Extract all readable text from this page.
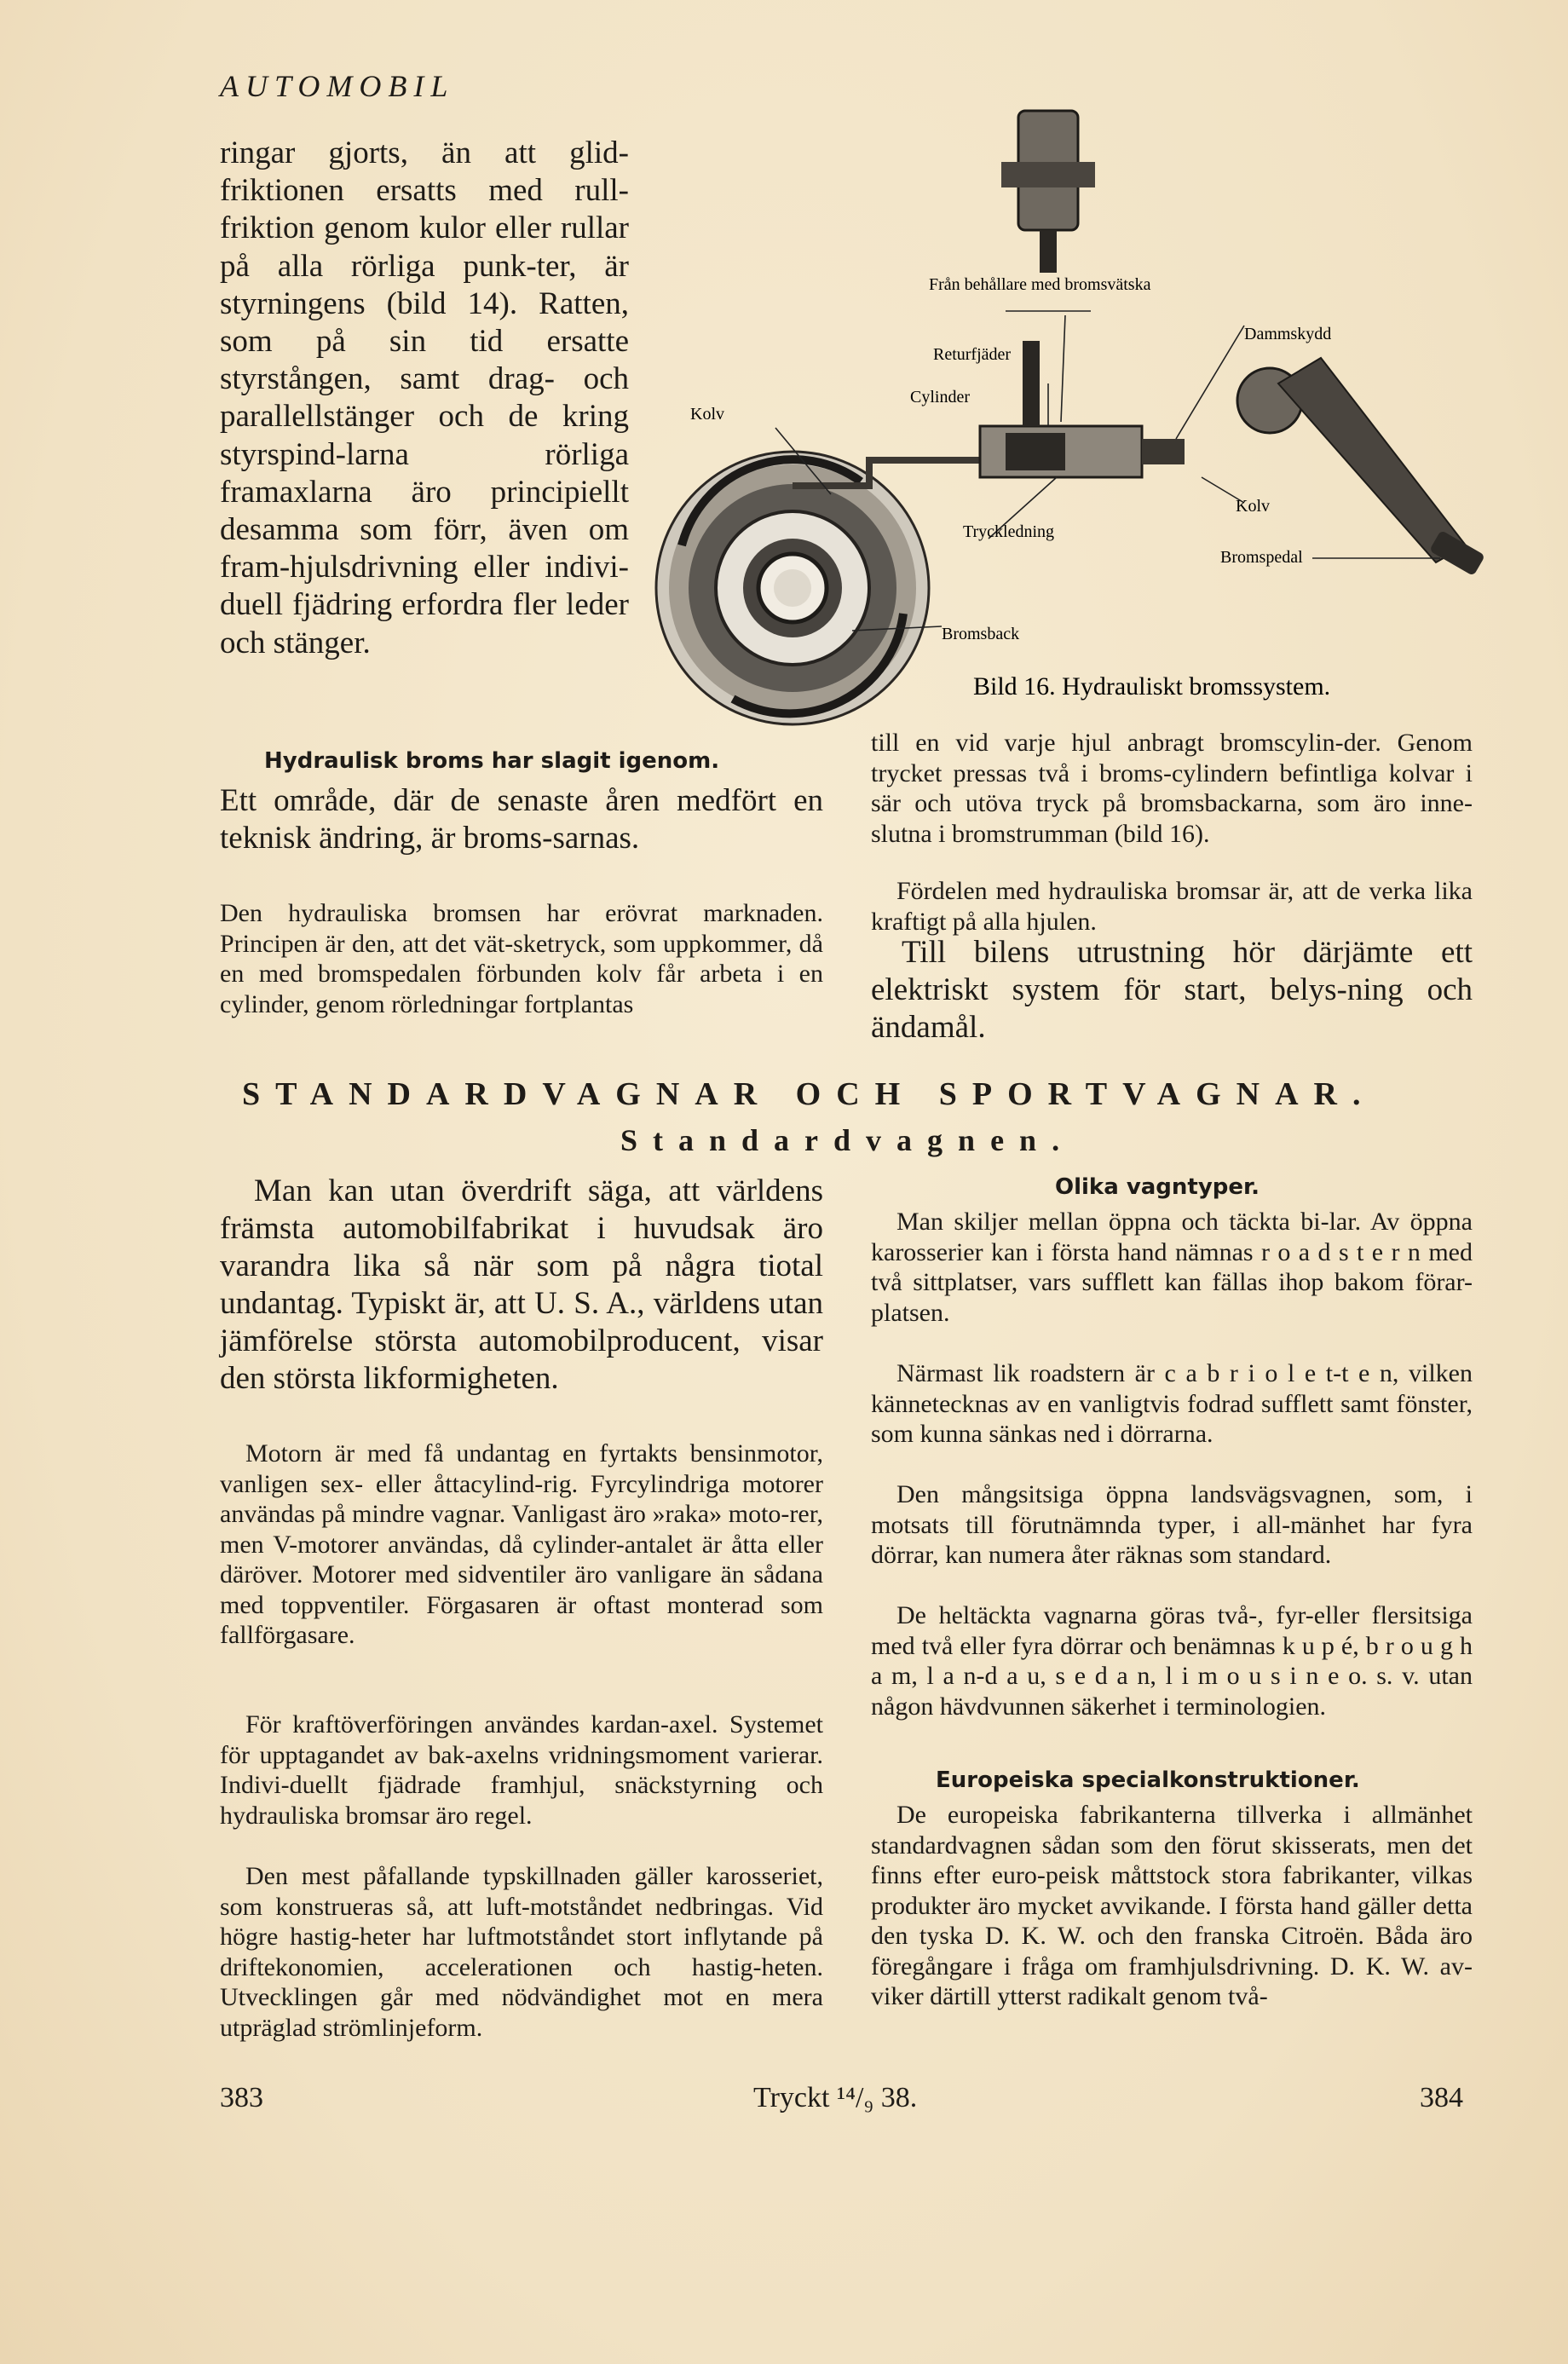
AUTOMOBIL

ringar gjorts, än att glid-friktionen ersatts med rull-friktion genom kulor eller rullar på alla rörliga punk-ter, är styrningens (bild 14). Ratten, som på sin tid ersatte styrstången, samt drag- och parallellstänger och de kring styrspind-larna rörliga framaxlarna äro principiellt desamma som förr, även om fram-hjulsdrivning eller indivi-duell fjädring erfordra fler leder och stänger.

Från behållare med bromsvätska
Returfjäder
Dammskydd
Cylinder
Kolv
Kolv
Tryckledning
Bromspedal
Bromsback
Bild 16. Hydrauliskt bromssystem.
Hydraulisk broms har slagit igenom.

Ett område, där de senaste åren medfört en teknisk ändring, är broms-sarnas.

Den hydrauliska bromsen har erövrat marknaden. Principen är den, att det vät-sketryck, som uppkommer, då en med bromspedalen förbunden kolv får arbeta i en cylinder, genom rörledningar fortplantas

till en vid varje hjul anbragt bromscylin-der. Genom trycket pressas två i broms-cylindern befintliga kolvar i sär och utöva tryck på bromsbackarna, som äro inne-slutna i bromstrumman (bild 16).

Fördelen med hydrauliska bromsar är, att de verka lika kraftigt på alla hjulen.

Till bilens utrustning hör därjämte ett elektriskt system för start, belys-ning och ändamål.

STANDARDVAGNAR OCH SPORTVAGNAR.
Standardvagnen.

Man kan utan överdrift säga, att världens främsta automobilfabrikat i huvudsak äro varandra lika så när som på några tiotal undantag. Typiskt är, att U. S. A., världens utan jämförelse största automobilproducent, visar den största likformigheten.

Motorn är med få undantag en fyrtakts bensinmotor, vanligen sex- eller åttacylind-rig. Fyrcylindriga motorer användas på mindre vagnar. Vanligast äro »raka» moto-rer, men V-motorer användas, då cylinder-antalet är åtta eller däröver. Motorer med sidventiler äro vanligare än sådana med toppventiler. Förgasaren är oftast monterad som fallförgasare.

För kraftöverföringen användes kardan-axel. Systemet för upptagandet av bak-axelns vridningsmoment varierar. Indivi-duellt fjädrade framhjul, snäckstyrning och hydrauliska bromsar äro regel.

Den mest påfallande typskillnaden gäller karosseriet, som konstrueras så, att luft-motståndet nedbringas. Vid högre hastig-heter har luftmotståndet stort inflytande på driftekonomien, accelerationen och hastig-heten. Utvecklingen går med nödvändighet mot en mera utpräglad strömlinjeform.

Olika vagntyper.

Man skiljer mellan öppna och täckta bi-lar. Av öppna karosserier kan i första hand nämnas r o a d s t e r n med två sittplatser, vars sufflett kan fällas ihop bakom förar-platsen.

Närmast lik roadstern är c a b r i o l e t-t e n, vilken kännetecknas av en vanligtvis fodrad sufflett samt fönster, som kunna sänkas ned i dörrarna.

Den mångsitsiga öppna landsvägsvagnen, som, i motsats till förutnämnda typer, i all-mänhet har fyra dörrar, kan numera åter räknas som standard.

De heltäckta vagnarna göras två-, fyr-eller flersitsiga med två eller fyra dörrar och benämnas k u p é, b r o u g h a m, l a n-d a u, s e d a n, l i m o u s i n e o. s. v. utan någon hävdvunnen säkerhet i terminologien.

Europeiska specialkonstruktioner.

De europeiska fabrikanterna tillverka i allmänhet standardvagnen sådan som den förut skisserats, men det finns efter euro-peisk måttstock stora fabrikanter, vilkas produkter äro mycket avvikande. I första hand gäller detta den tyska D. K. W. och den franska Citroën. Båda äro föregångare i fråga om framhjulsdrivning. D. K. W. av-viker därtill ytterst radikalt genom två-

383	Tryckt ¹⁴/₉ 38.	384
